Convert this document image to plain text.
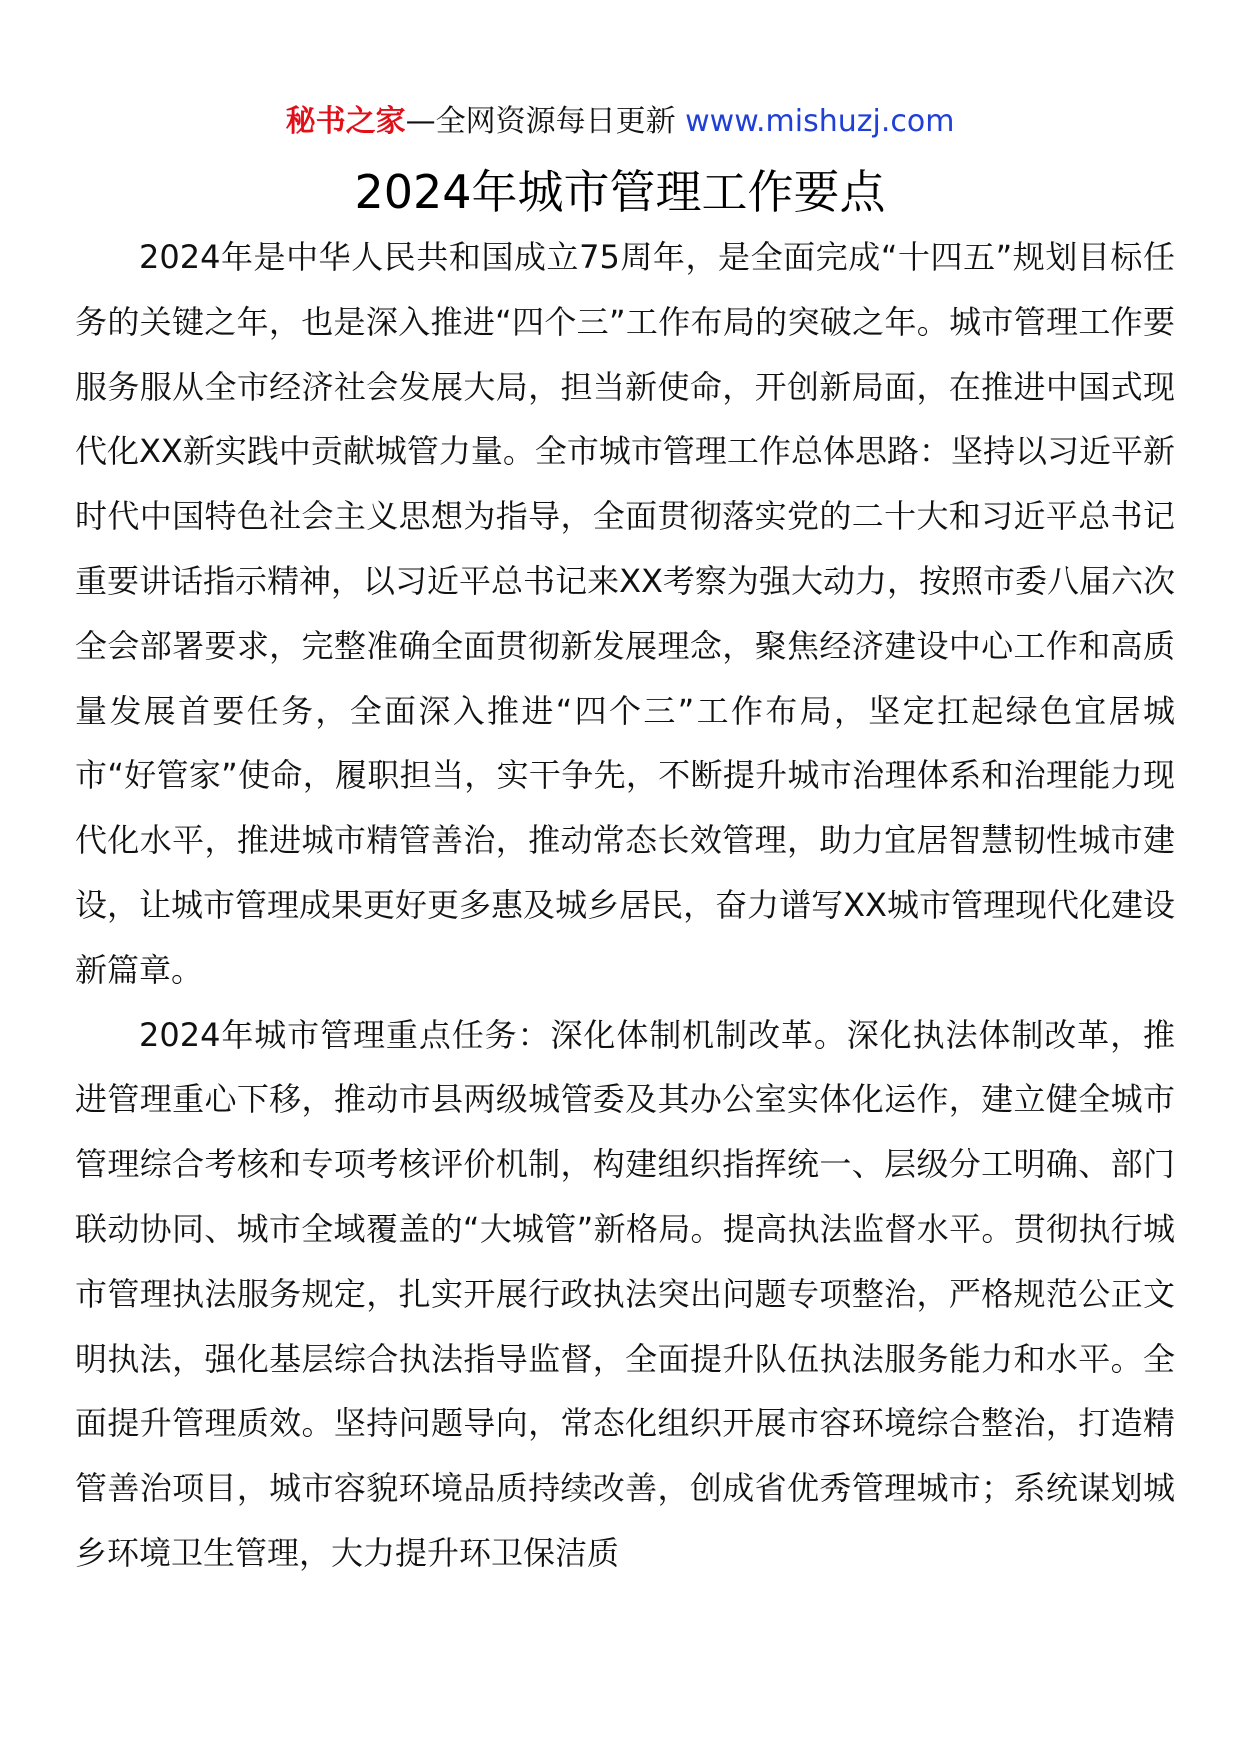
秘书之家—全网资源每日更新 www.mishuzj.com
2024年城市管理工作要点

2024年是中华人民共和国成立75周年，是全面完成“十四五”规划目标任务的关键之年，也是深入推进“四个三”工作布局的突破之年。城市管理工作要服务服从全市经济社会发展大局，担当新使命，开创新局面，在推进中国式现代化XX新实践中贡献城管力量。全市城市管理工作总体思路：坚持以习近平新时代中国特色社会主义思想为指导，全面贯彻落实党的二十大和习近平总书记重要讲话指示精神，以习近平总书记来XX考察为强大动力，按照市委八届六次全会部署要求，完整准确全面贯彻新发展理念，聚焦经济建设中心工作和高质量发展首要任务，全面深入推进“四个三”工作布局，坚定扛起绿色宜居城市“好管家”使命，履职担当，实干争先，不断提升城市治理体系和治理能力现代化水平，推进城市精管善治，推动常态长效管理，助力宜居智慧韧性城市建设，让城市管理成果更好更多惠及城乡居民，奋力谱写XX城市管理现代化建设新篇章。

2024年城市管理重点任务：深化体制机制改革。深化执法体制改革，推进管理重心下移，推动市县两级城管委及其办公室实体化运作，建立健全城市管理综合考核和专项考核评价机制，构建组织指挥统一、层级分工明确、部门联动协同、城市全域覆盖的“大城管”新格局。提高执法监督水平。贯彻执行城市管理执法服务规定，扎实开展行政执法突出问题专项整治，严格规范公正文明执法，强化基层综合执法指导监督，全面提升队伍执法服务能力和水平。全面提升管理质效。坚持问题导向，常态化组织开展市容环境综合整治，打造精管善治项目，城市容貌环境品质持续改善，创成省优秀管理城市；系统谋划城乡环境卫生管理，大力提升环卫保洁质
